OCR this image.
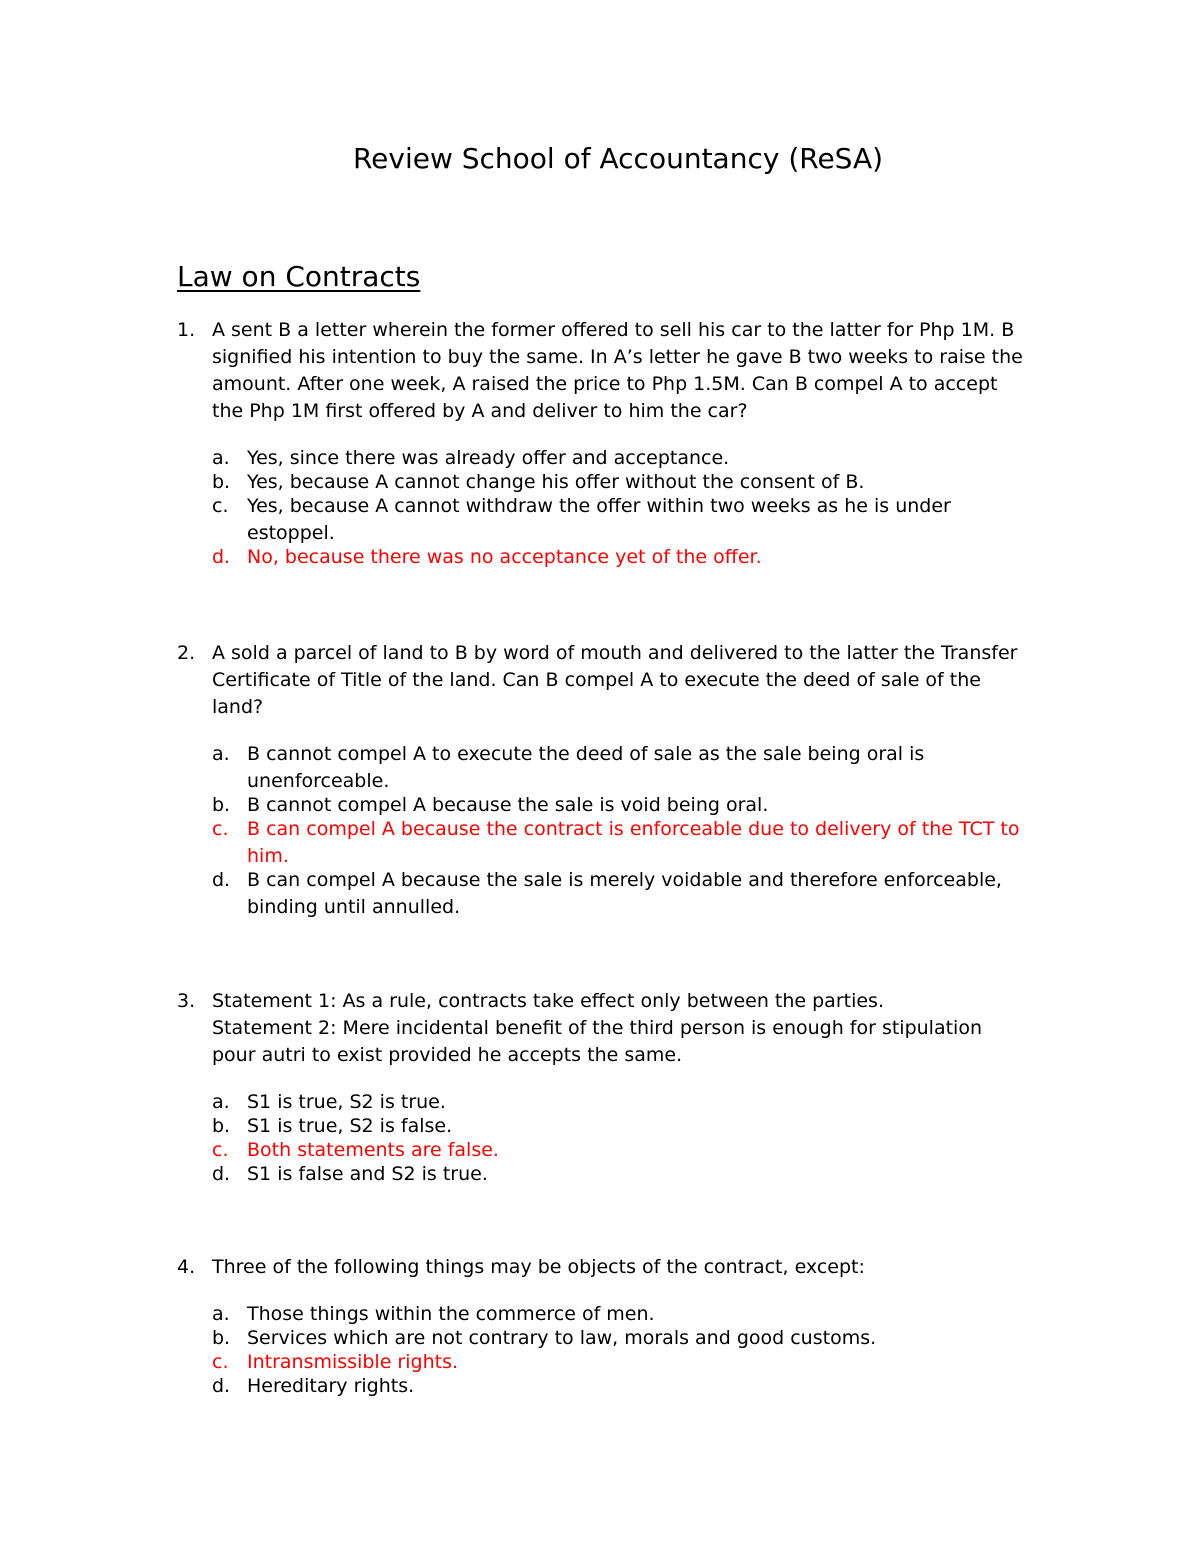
Review School of Accountancy (ReSA)
Law on Contracts
1. A sent B a letter wherein the former offered to sell his car to the latter for Php 1M. B
signified his intention to buy the same. In A’s letter he gave B two weeks to raise the
amount. After one week, A raised the price to Php 1.5M. Can B compel A to accept
the Php 1M first offered by A and deliver to him the car?
a. Yes, since there was already offer and acceptance.
b. Yes, because A cannot change his offer without the consent of B.
c. Yes, because A cannot withdraw the offer within two weeks as he is under estoppel.
d. No, because there was no acceptance yet of the offer.
2. A sold a parcel of land to B by word of mouth and delivered to the latter the Transfer
Certificate of Title of the land. Can B compel A to execute the deed of sale of the
land?
a. B cannot compel A to execute the deed of sale as the sale being oral is unenforceable.
b. B cannot compel A because the sale is void being oral.
c. B can compel A because the contract is enforceable due to delivery of the TCT to him.
d. B can compel A because the sale is merely voidable and therefore enforceable, binding until annulled.
3. Statement 1: As a rule, contracts take effect only between the parties.
Statement 2: Mere incidental benefit of the third person is enough for stipulation
pour autri to exist provided he accepts the same.
a. S1 is true, S2 is true.
b. S1 is true, S2 is false.
c. Both statements are false.
d. S1 is false and S2 is true.
4. Three of the following things may be objects of the contract, except:
a. Those things within the commerce of men.
b. Services which are not contrary to law, morals and good customs.
c. Intransmissible rights.
d. Hereditary rights.
